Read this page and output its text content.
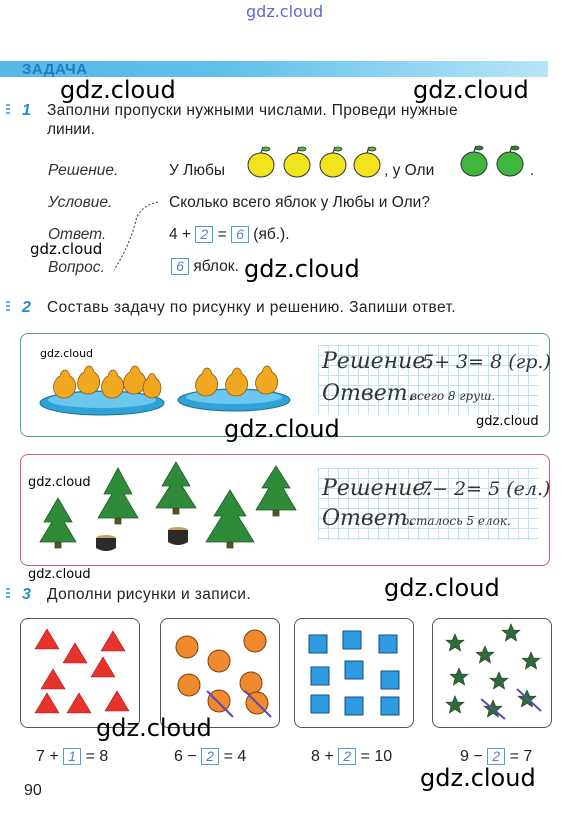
gdz.cloud
ЗАДАЧА
gdz.cloud	gdz.cloud
1 Заполни пропуски нужными числами. Проведи нужные
линии.
Решение.	У Любы	, у Оли	.
Условие.	Сколько всего яблок у Любы и Оли?
Ответ.	4 + 2 = 6 (яб.).
gdz.cloud
Вопрос.	6 яблок. gdz.cloud
2 Составь задачу по рисунку и решению. Запиши ответ.
gdz.cloud	Решение.
5+ 3= 8 (гр.)
Ответ.
всего 8 груш.
gdz.cloud
gdz.cloud
gdz.cloud	Решение.
7− 2= 5 (ел.)
Ответ.
осталось 5 елок.
gdz.cloud	gdz.cloud
3 Дополни рисунки и записи.
gdz.cloud
7 + 1 = 8	6 − 2 = 4	8 + 2 = 10	9 − 2 = 7
gdz.cloud
90
